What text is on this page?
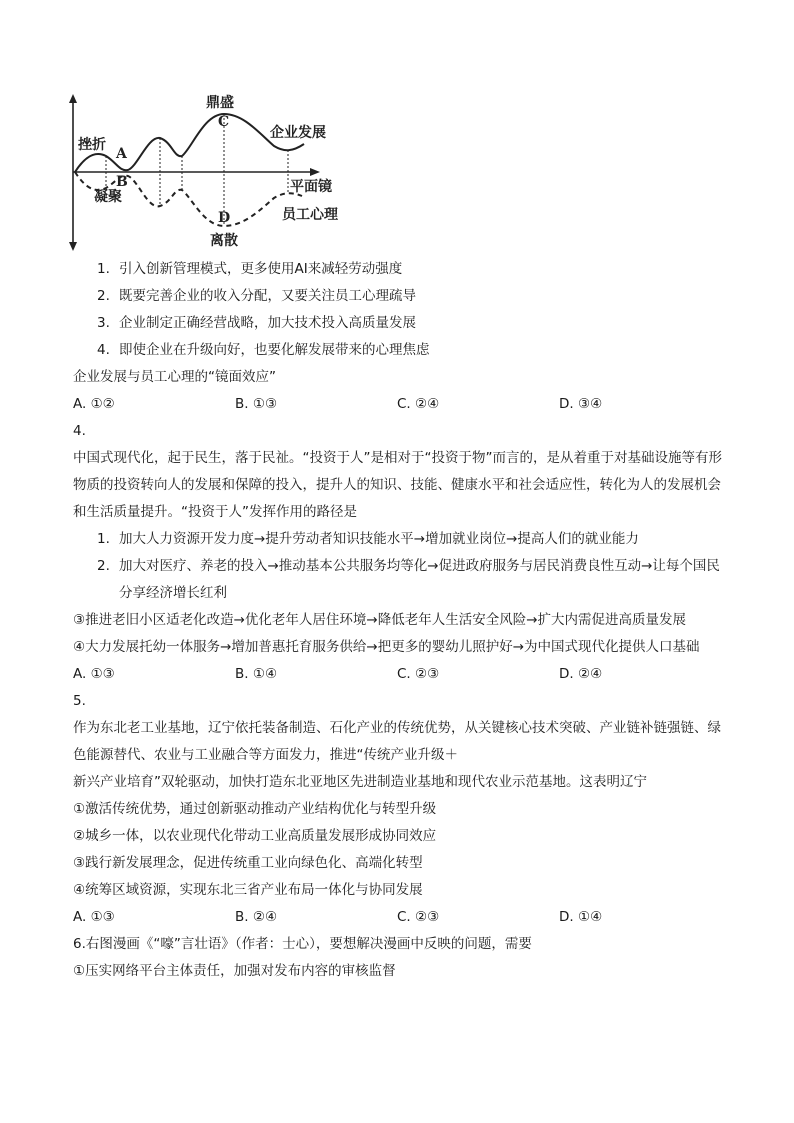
鼎盛
C
挫折
A
B
凝聚
D
离散
企业发展
平面镜
员工心理
1. 引入创新管理模式，更多使用AI来减轻劳动强度
2. 既要完善企业的收入分配，又要关注员工心理疏导
3. 企业制定正确经营战略，加大技术投入高质量发展
4. 即使企业在升级向好，也要化解发展带来的心理焦虑
企业发展与员工心理的“镜面效应”
A. ①②	B. ①③	C. ②④	D. ③④
4.
中国式现代化，起于民生，落于民祉。“投资于人”是相对于“投资于物”而言的，是从着重于对基础设施等有形物质的投资转向人的发展和保障的投入，提升人的知识、技能、健康水平和社会适应性，转化为人的发展机会和生活质量提升。“投资于人”发挥作用的路径是
1. 加大人力资源开发力度→提升劳动者知识技能水平→增加就业岗位→提高人们的就业能力
2. 加大对医疗、养老的投入→推动基本公共服务均等化→促进政府服务与居民消费良性互动→让每个国民分享经济增长红利
③推进老旧小区适老化改造→优化老年人居住环境→降低老年人生活安全风险→扩大内需促进高质量发展
④大力发展托幼一体服务→增加普惠托育服务供给→把更多的婴幼儿照护好→为中国式现代化提供人口基础
A. ①③	B. ①④	C. ②③	D. ②④
5.
作为东北老工业基地，辽宁依托装备制造、石化产业的传统优势，从关键核心技术突破、产业链补链强链、绿色能源替代、农业与工业融合等方面发力，推进“传统产业升级＋
新兴产业培育”双轮驱动，加快打造东北亚地区先进制造业基地和现代农业示范基地。这表明辽宁
①激活传统优势，通过创新驱动推动产业结构优化与转型升级
②城乡一体，以农业现代化带动工业高质量发展形成协同效应
③践行新发展理念，促进传统重工业向绿色化、高端化转型
④统筹区域资源，实现东北三省产业布局一体化与协同发展
A. ①③	B. ②④	C. ②③	D. ①④
6.右图漫画《“嚎”言壮语》（作者：士心），要想解决漫画中反映的问题，需要
①压实网络平台主体责任，加强对发布内容的审核监督
